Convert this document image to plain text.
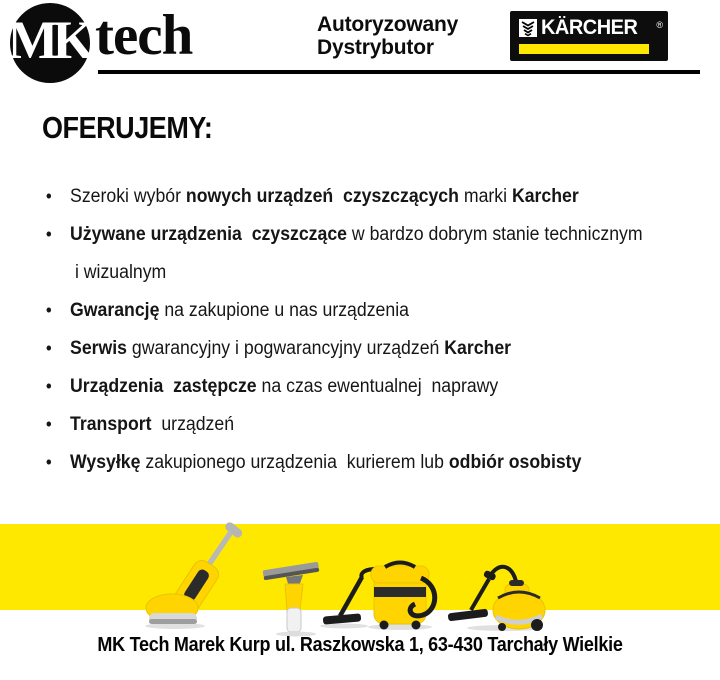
MK tech	Autoryzowany
Dystrybutor
KÄRCHER ®
OFERUJEMY:
• Szeroki wybór nowych urządzeń  czyszczących marki Karcher
• Używane urządzenia  czyszczące w bardzo dobrym stanie technicznym
i wizualnym
• Gwarancję na zakupione u nas urządzenia
• Serwis gwarancyjny i pogwarancyjny urządzeń Karcher
• Urządzenia  zastępcze na czas ewentualnej  naprawy
• Transport  urządzeń
• Wysyłkę zakupionego urządzenia  kurierem lub odbiór osobisty
MK Tech Marek Kurp ul. Raszkowska 1, 63-430 Tarchały Wielkie
